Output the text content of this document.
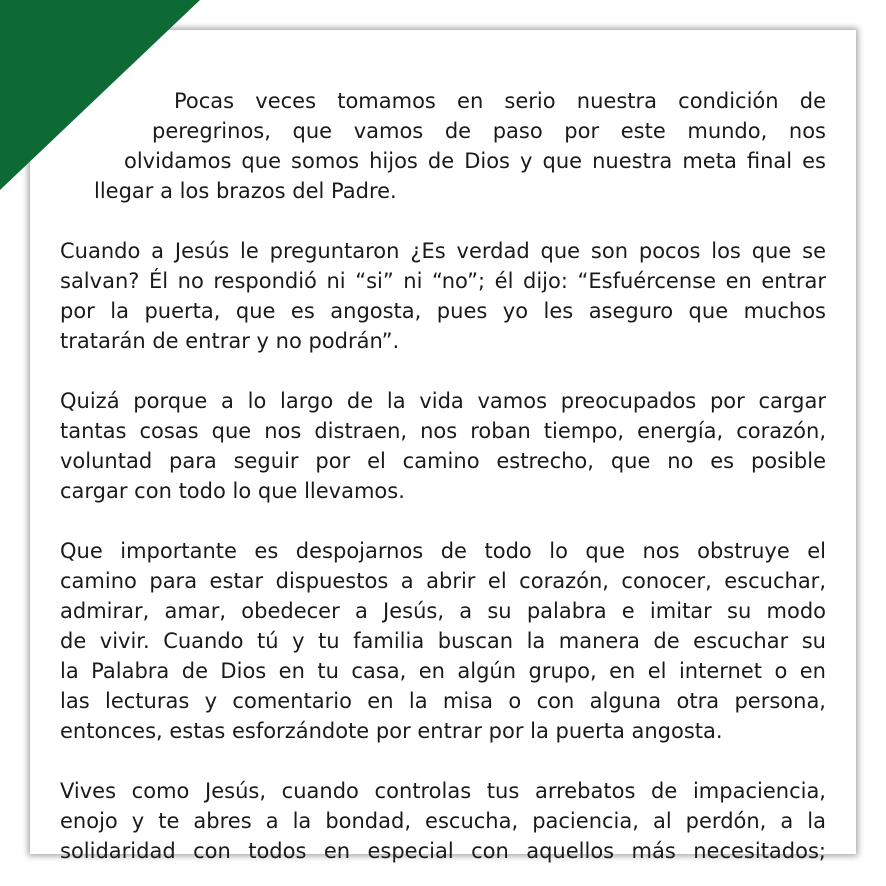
Pocas veces tomamos en serio nuestra condición de
peregrinos, que vamos de paso por este mundo, nos
olvidamos que somos hijos de Dios y que nuestra meta final es
llegar a los brazos del Padre.
Cuando a Jesús le preguntaron ¿Es verdad que son pocos los que se
salvan? Él no respondió ni “si” ni “no”; él dijo: “Esfuércense en entrar
por la puerta, que es angosta, pues yo les aseguro que muchos
tratarán de entrar y no podrán”.
Quizá porque a lo largo de la vida vamos preocupados por cargar
tantas cosas que nos distraen, nos roban tiempo, energía, corazón,
voluntad para seguir por el camino estrecho, que no es posible
cargar con todo lo que llevamos.
Que importante es despojarnos de todo lo que nos obstruye el
camino para estar dispuestos a abrir el corazón, conocer, escuchar,
admirar, amar, obedecer a Jesús, a su palabra e imitar su modo
de vivir. Cuando tú y tu familia buscan la manera de escuchar su
la Palabra de Dios en tu casa, en algún grupo, en el internet o en
las lecturas y comentario en la misa o con alguna otra persona,
entonces, estas esforzándote por entrar por la puerta angosta.
Vives como Jesús, cuando controlas tus arrebatos de impaciencia,
enojo y te abres a la bondad, escucha, paciencia, al perdón, a la
solidaridad con todos en especial con aquellos más necesitados;
